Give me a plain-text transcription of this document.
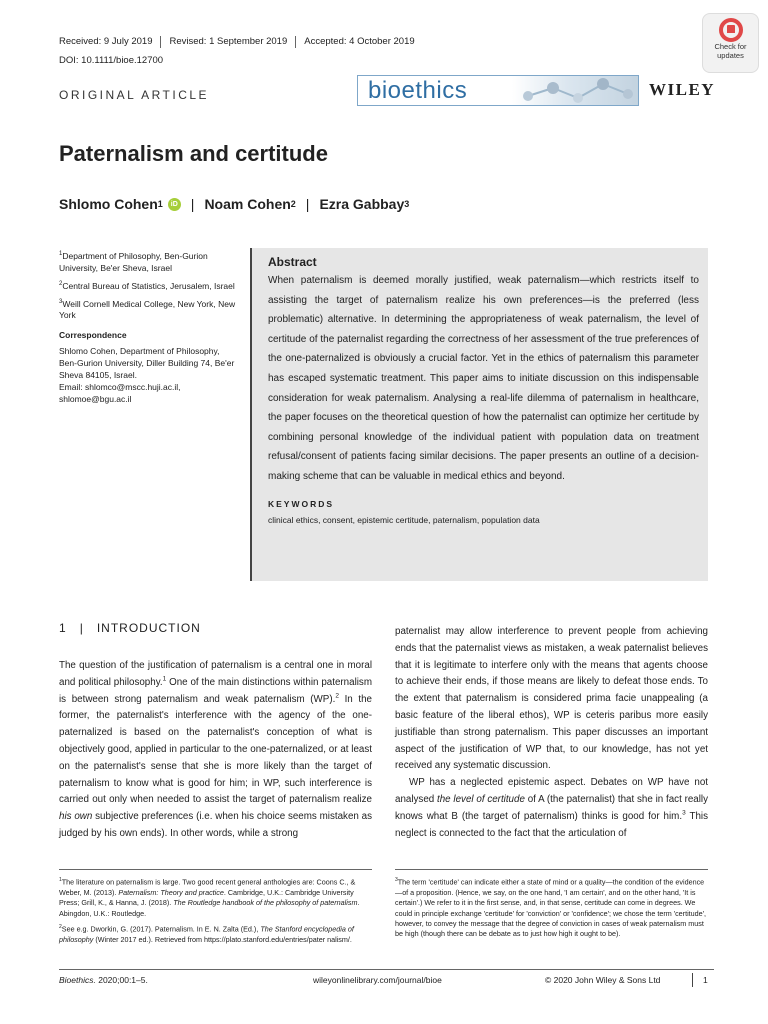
Received: 9 July 2019	Revised: 1 September 2019	Accepted: 4 October 2019
DOI: 10.1111/bioe.12700
Check for
updates
ORIGINAL ARTICLE	bioethics	WILEY
Paternalism and certitude
Shlomo Cohen 1	iD | Noam Cohen 2 | Ezra Gabbay 3

$^1$Department of Philosophy, Ben-Gurion University, Be'er Sheva, Israel

$^2$Central Bureau of Statistics, Jerusalem, Israel

$^3$Weill Cornell Medical College, New York, New York

Correspondence

Shlomo Cohen, Department of Philosophy, Ben-Gurion University, Diller Building 74, Be'er Sheva 84105, Israel.
Email: shlomco@mscc.huji.ac.il,
shlomoe@bgu.ac.il
Abstract
When paternalism is deemed morally justified, weak paternalism—which restricts itself to assisting the target of paternalism realize his own preferences—is the preferred (less problematic) alternative. In determining the appropriateness of weak paternalism, the level of certitude of the paternalist regarding the correctness of her assessment of the true preferences of the one-paternalized is obviously a crucial factor. Yet in the ethics of paternalism this parameter has escaped systematic treatment. This paper aims to initiate discussion on this indispensable consideration for weak paternalism. Analysing a real-life dilemma of paternalism in healthcare, the paper focuses on the theoretical question of how the paternalist can optimize her certitude by combining personal knowledge of the individual patient with population data on treatment refusal/consent of patients facing similar decisions. The paper presents an outline of a decision-making scheme that can be valuable in medical ethics and beyond.
KEYWORDS
clinical ethics, consent, epistemic certitude, paternalism, population data
1 | INTRODUCTION

The question of the justification of paternalism is a central one in moral and political philosophy.$^1$ One of the main distinctions within paternalism is between strong paternalism and weak paternalism (WP).$^2$ In the former, the paternalist's interference with the agency of the one-paternalized is based on the paternalist's conception of what is objectively good, applied in particular to the one-paternalized, or at least on the paternalist's sense that she is more likely than the target of paternalism to know what is good for him; in WP, such interference is carried out only when needed to assist the target of paternalism realize his own subjective preferences (i.e. when his choice seems mistaken as judged by his own ends). In other words, while a strong

paternalist may allow interference to prevent people from achieving ends that the paternalist views as mistaken, a weak paternalist believes that it is legitimate to interfere only with the means that agents choose to achieve their ends, if those means are likely to defeat those ends. To the extent that paternalism is considered prima facie unappealing (a basic feature of the liberal ethos), WP is ceteris paribus more easily justifiable than strong paternalism. This paper discusses an important aspect of the justification of WP that, to our knowledge, has not yet received any systematic discussion.

WP has a neglected epistemic aspect. Debates on WP have not analysed the level of certitude of A (the paternalist) that she in fact really knows what B (the target of paternalism) thinks is good for him.$^3$ This neglect is connected to the fact that the articulation of

$^1$The literature on paternalism is large. Two good recent general anthologies are: Coons C., & Weber, M. (2013). Paternalism: Theory and practice. Cambridge, U.K.: Cambridge University Press; Grill, K., & Hanna, J. (2018). The Routledge handbook of the philosophy of paternalism. Abingdon, U.K.: Routledge.

$^2$See e.g. Dworkin, G. (2017). Paternalism. In E. N. Zalta (Ed.), The Stanford encyclopedia of philosophy (Winter 2017 ed.). Retrieved from https://plato.stanford.edu/entries/pater nalism/.

$^3$The term 'certitude' can indicate either a state of mind or a quality—the condition of the evidence—of a proposition. (Hence, we say, on the one hand, 'I am certain', and on the other hand, 'It is certain'.) We refer to it in the first sense, and, in that sense, certitude can come in degrees. We could in principle exchange 'certitude' for 'conviction' or 'confidence'; we chose the term 'certitude', however, to convey the message that the degree of conviction in cases of weak paternalism must be high (though there can be debate as to just how high it ought to be).

Bioethics. 2020;00:1–5.	wileyonlinelibrary.com/journal/bioe	© 2020 John Wiley & Sons Ltd	1
